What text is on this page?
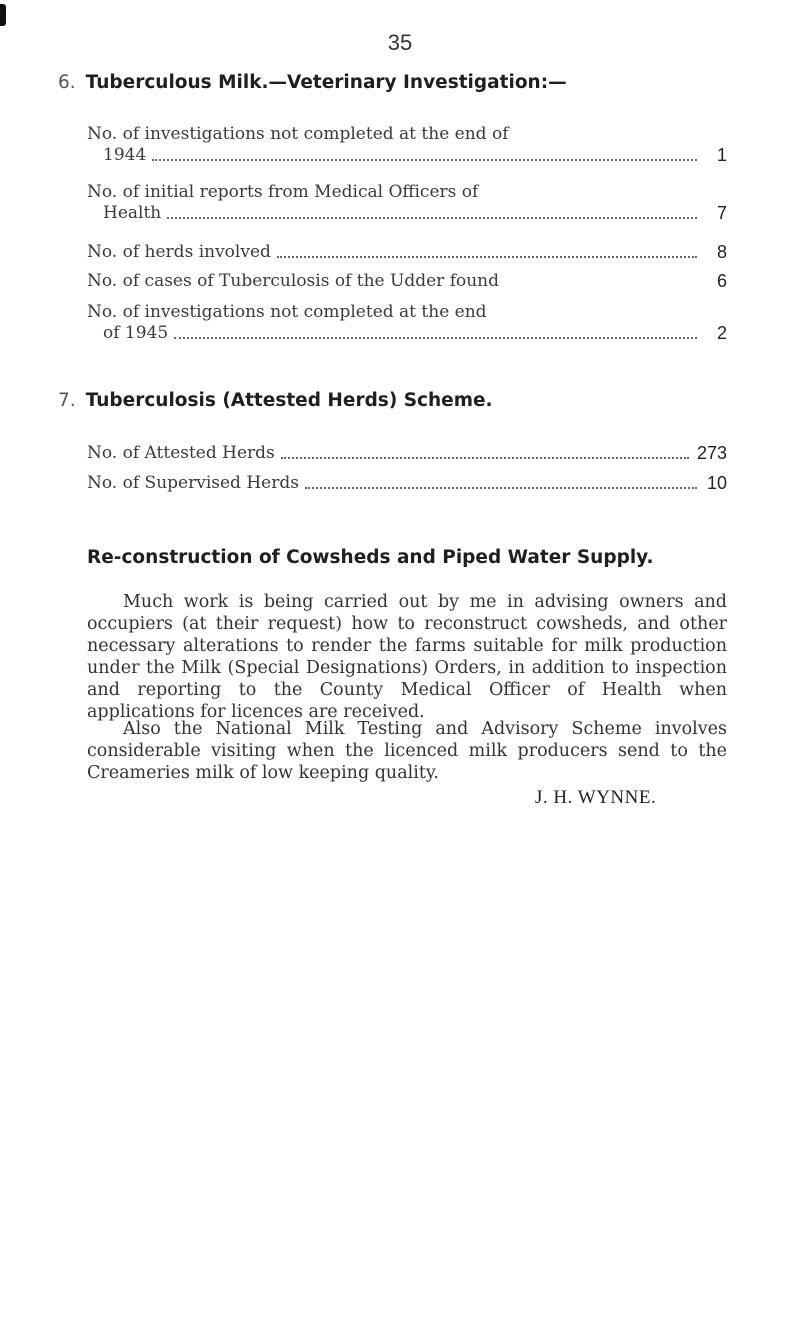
35
6. Tuberculous Milk.—Veterinary Investigation:—
No. of investigations not completed at the end of
1944	1
No. of initial reports from Medical Officers of
Health	7
No. of herds involved	8
No. of cases of Tuberculosis of the Udder found	6
No. of investigations not completed at the end
of 1945	2
7. Tuberculosis (Attested Herds) Scheme.
No. of Attested Herds	273
No. of Supervised Herds	10
Re-construction of Cowsheds and Piped Water Supply.

Much work is being carried out by me in advising owners and occupiers (at their request) how to reconstruct cowsheds, and other necessary alterations to render the farms suitable for milk production under the Milk (Special Designations) Orders, in addition to inspection and reporting to the County Medical Officer of Health when applications for licences are received.

Also the National Milk Testing and Advisory Scheme involves considerable visiting when the licenced milk producers send to the Creameries milk of low keeping quality.

J. H. WYNNE.
